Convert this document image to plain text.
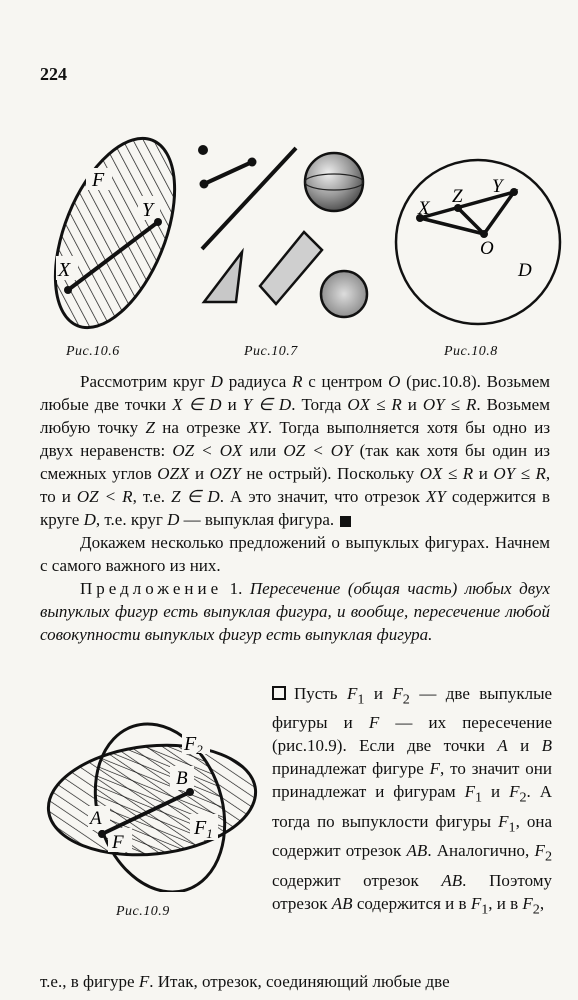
224
F
Y
X
Рис.10.6	Рис.10.7
X
Z Y
O
D
Рис.10.8

Рассмотрим круг D радиуса R с центром O (рис.10.8). Возьмем любые две точки X ∈ D и Y ∈ D. Тогда OX ≤ R и OY ≤ R. Возьмем любую точку Z на отрезке XY. Тогда выполняется хотя бы одно из двух неравенств: OZ < OX или OZ < OY (так как хотя бы один из смежных углов OZX и OZY не острый). Поскольку OX ≤ R и OY ≤ R, то и OZ < R, т.е. Z ∈ D. А это значит, что отрезок XY содержится в круге D, т.е. круг D — выпуклая фигура.

Докажем несколько предложений о выпуклых фигурах. Начнем с самого важного из них.

Предложение 1. Пересечение (общая часть) любых двух выпуклых фигур есть выпуклая фигура, и вообще, пересечение любой совокупности выпуклых фигур есть выпуклая фигура.

$F_2$
B
A
F
$F_1$
Рис.10.9

Пусть $F_1$ и $F_2$ — две выпуклые фигуры и F — их пересечение (рис.10.9). Если две точки A и B принадлежат фигуре F, то значит они принадлежат и фигурам $F_1$ и $F_2$. А тогда по выпуклости фигуры $F_1$, она содержит отрезок AB. Аналогично, $F_2$ содержит отрезок AB. Поэтому отрезок AB содержится и в $F_1$, и в $F_2$,

т.е., в фигуре F. Итак, отрезок, соединяющий любые две
